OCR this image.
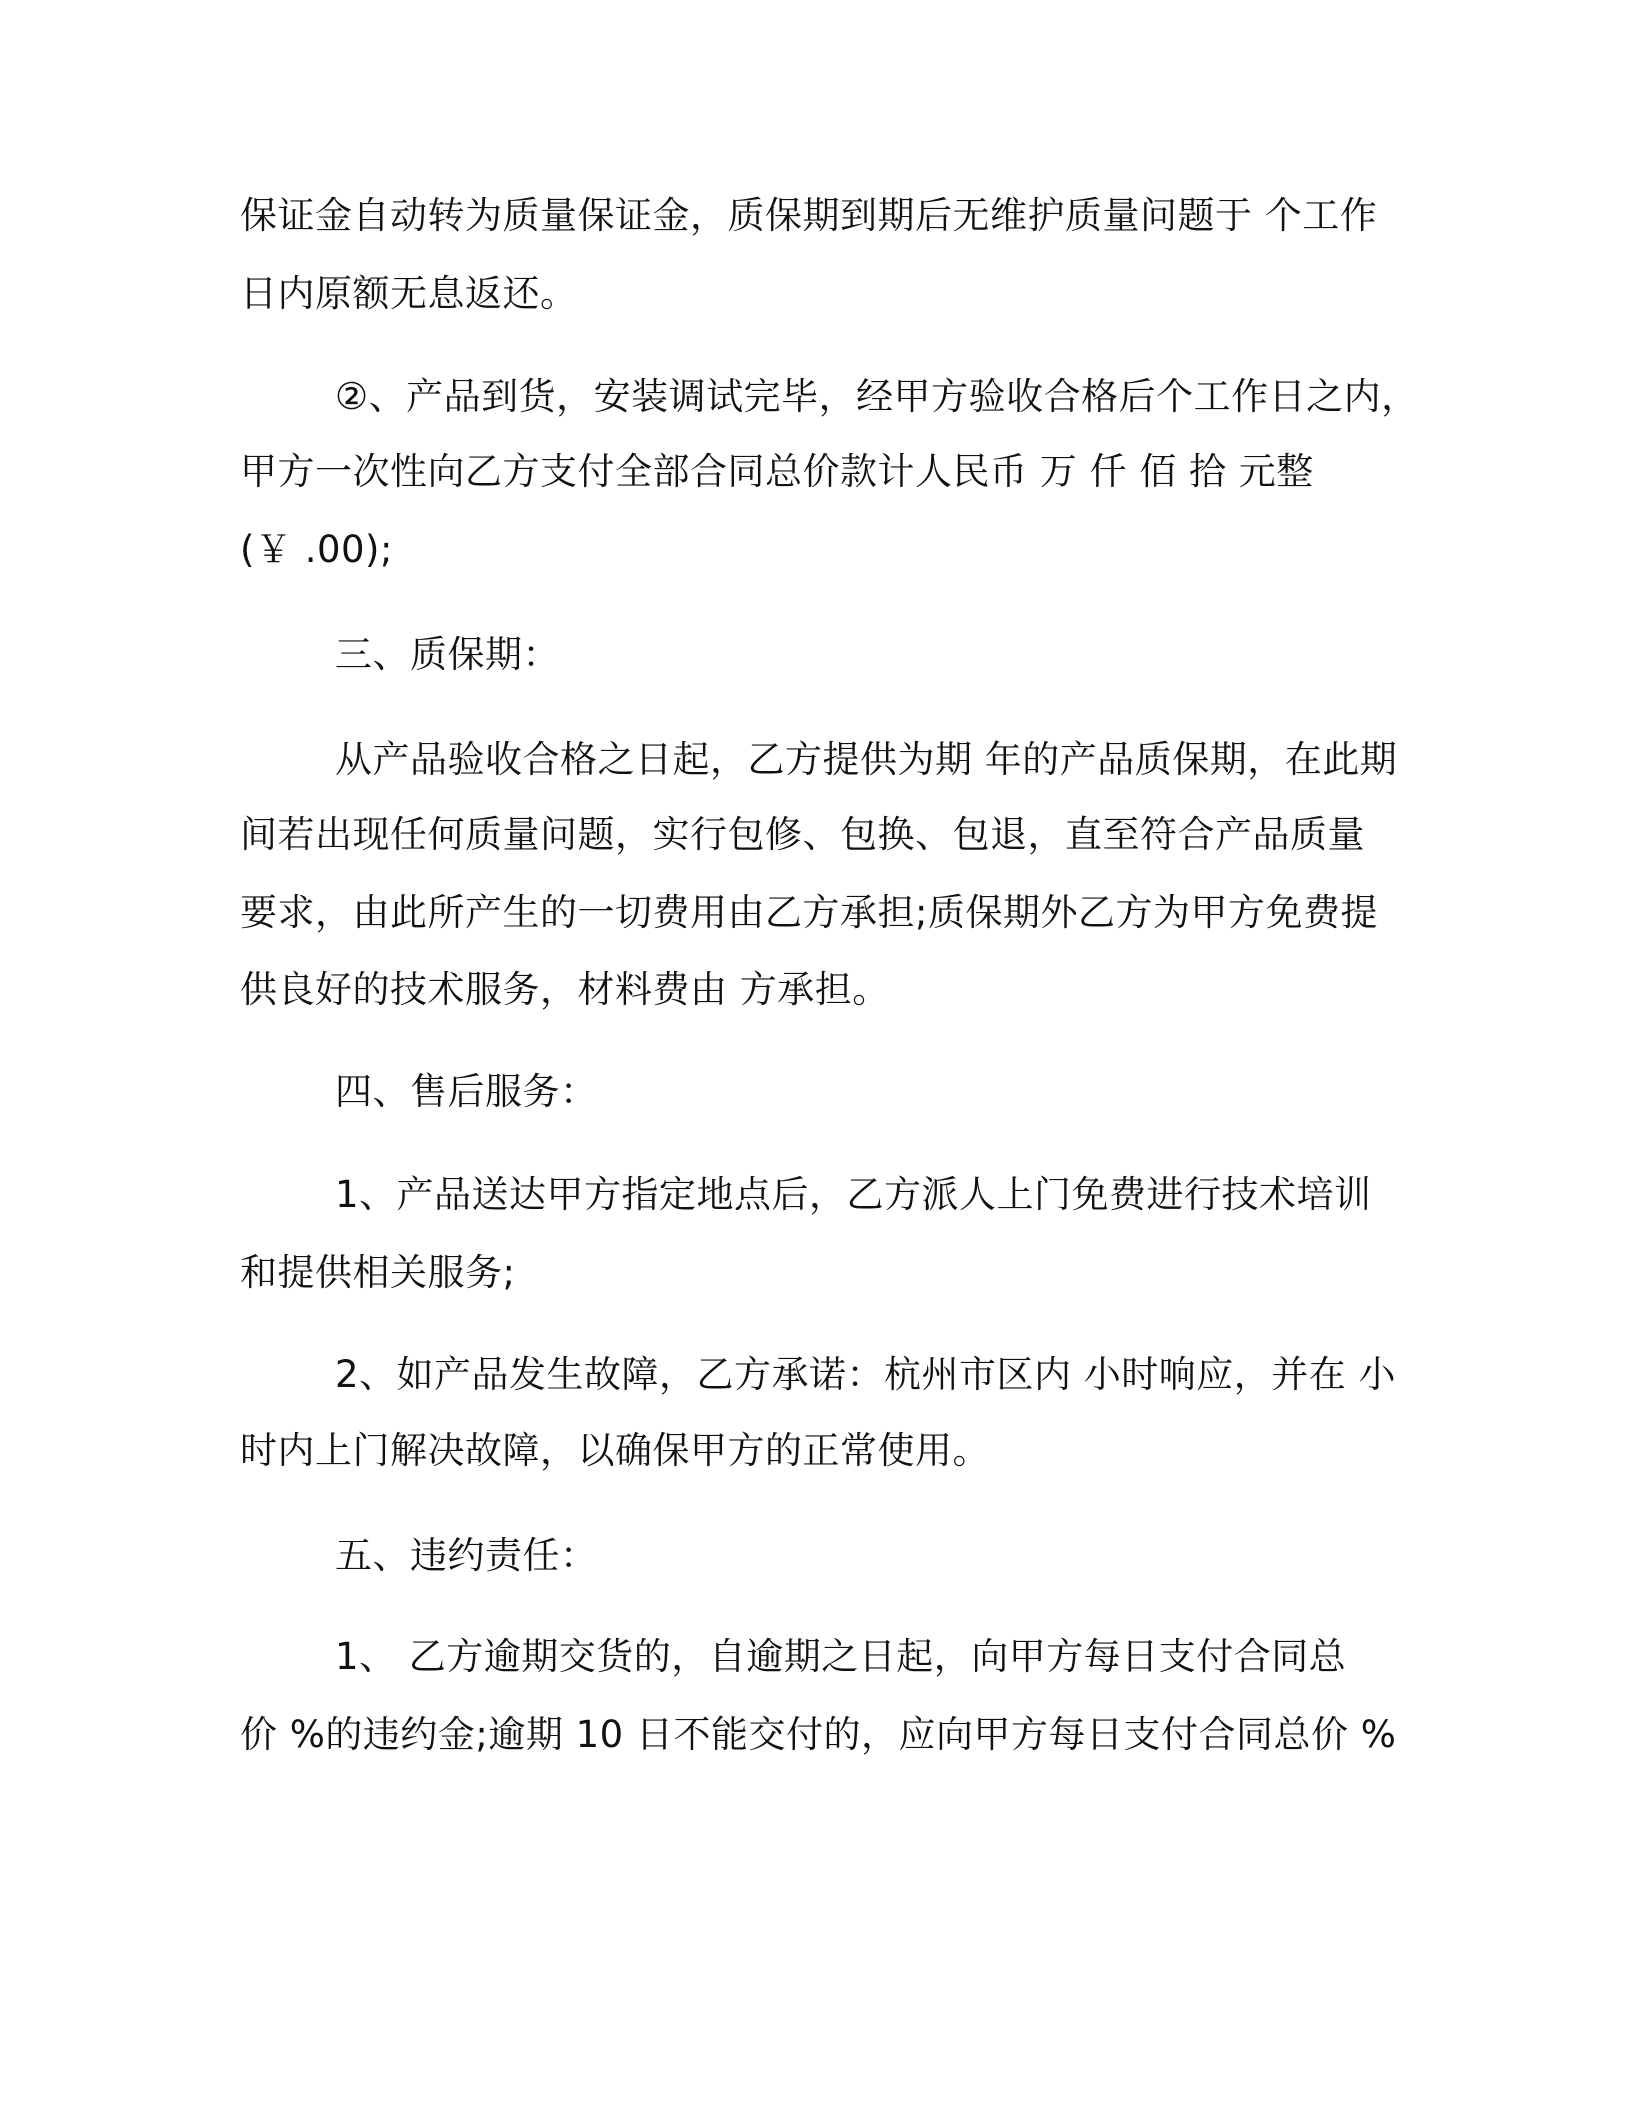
保证金自动转为质量保证金，质保期到期后无维护质量问题于 个工作
日内原额无息返还。
②、产品到货，安装调试完毕，经甲方验收合格后个工作日之内，
甲方一次性向乙方支付全部合同总价款计人民币 万 仟 佰 拾 元整
(￥ .00);
三、质保期：
从产品验收合格之日起，乙方提供为期 年的产品质保期，在此期
间若出现任何质量问题，实行包修、包换、包退，直至符合产品质量
要求，由此所产生的一切费用由乙方承担;质保期外乙方为甲方免费提
供良好的技术服务，材料费由 方承担。
四、售后服务：
1、产品送达甲方指定地点后，乙方派人上门免费进行技术培训
和提供相关服务;
2、如产品发生故障，乙方承诺：杭州市区内 小时响应，并在 小
时内上门解决故障，以确保甲方的正常使用。
五、违约责任：
1、 乙方逾期交货的，自逾期之日起，向甲方每日支付合同总
价 %的违约金;逾期 10 日不能交付的，应向甲方每日支付合同总价 %
